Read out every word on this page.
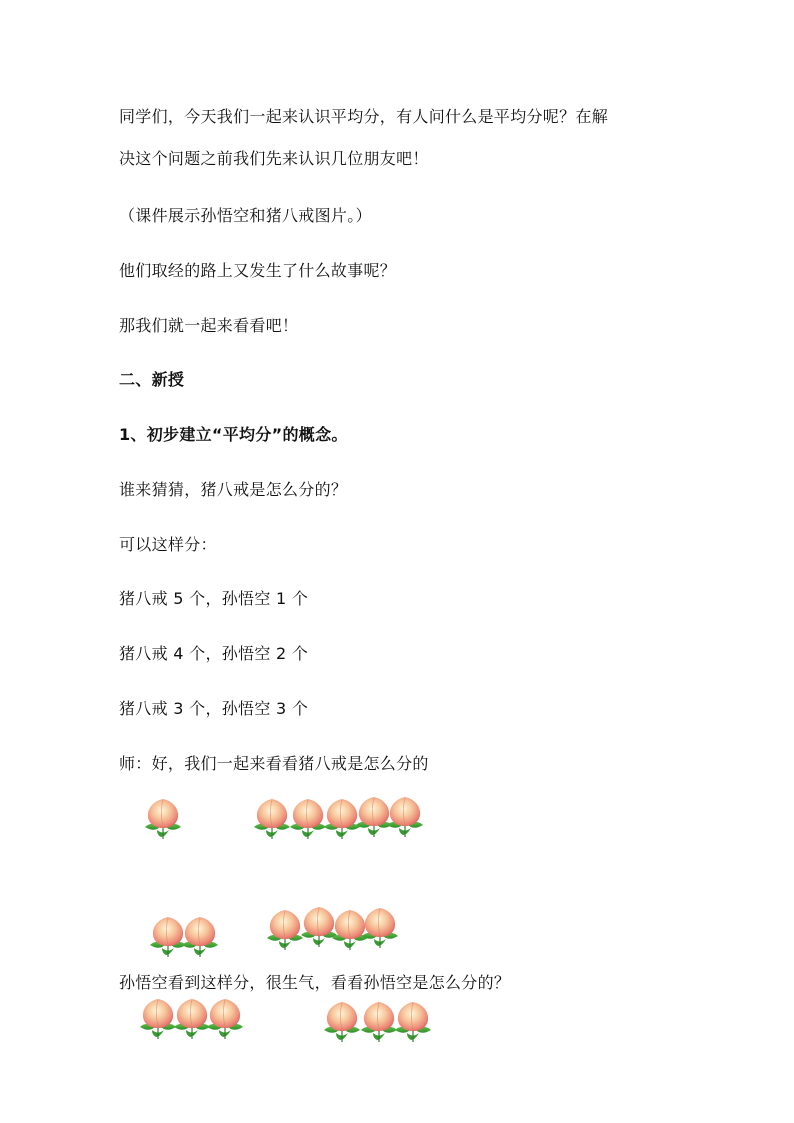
同学们，今天我们一起来认识平均分，有人问什么是平均分呢？在解
决这个问题之前我们先来认识几位朋友吧！
（课件展示孙悟空和猪八戒图片。）
他们取经的路上又发生了什么故事呢？
那我们就一起来看看吧！
二、新授
1、初步建立“平均分”的概念。
谁来猜猜，猪八戒是怎么分的？
可以这样分：
猪八戒 5 个，孙悟空 1 个
猪八戒 4 个，孙悟空 2 个
猪八戒 3 个，孙悟空 3 个
师：好，我们一起来看看猪八戒是怎么分的
孙悟空看到这样分，很生气，看看孙悟空是怎么分的？
